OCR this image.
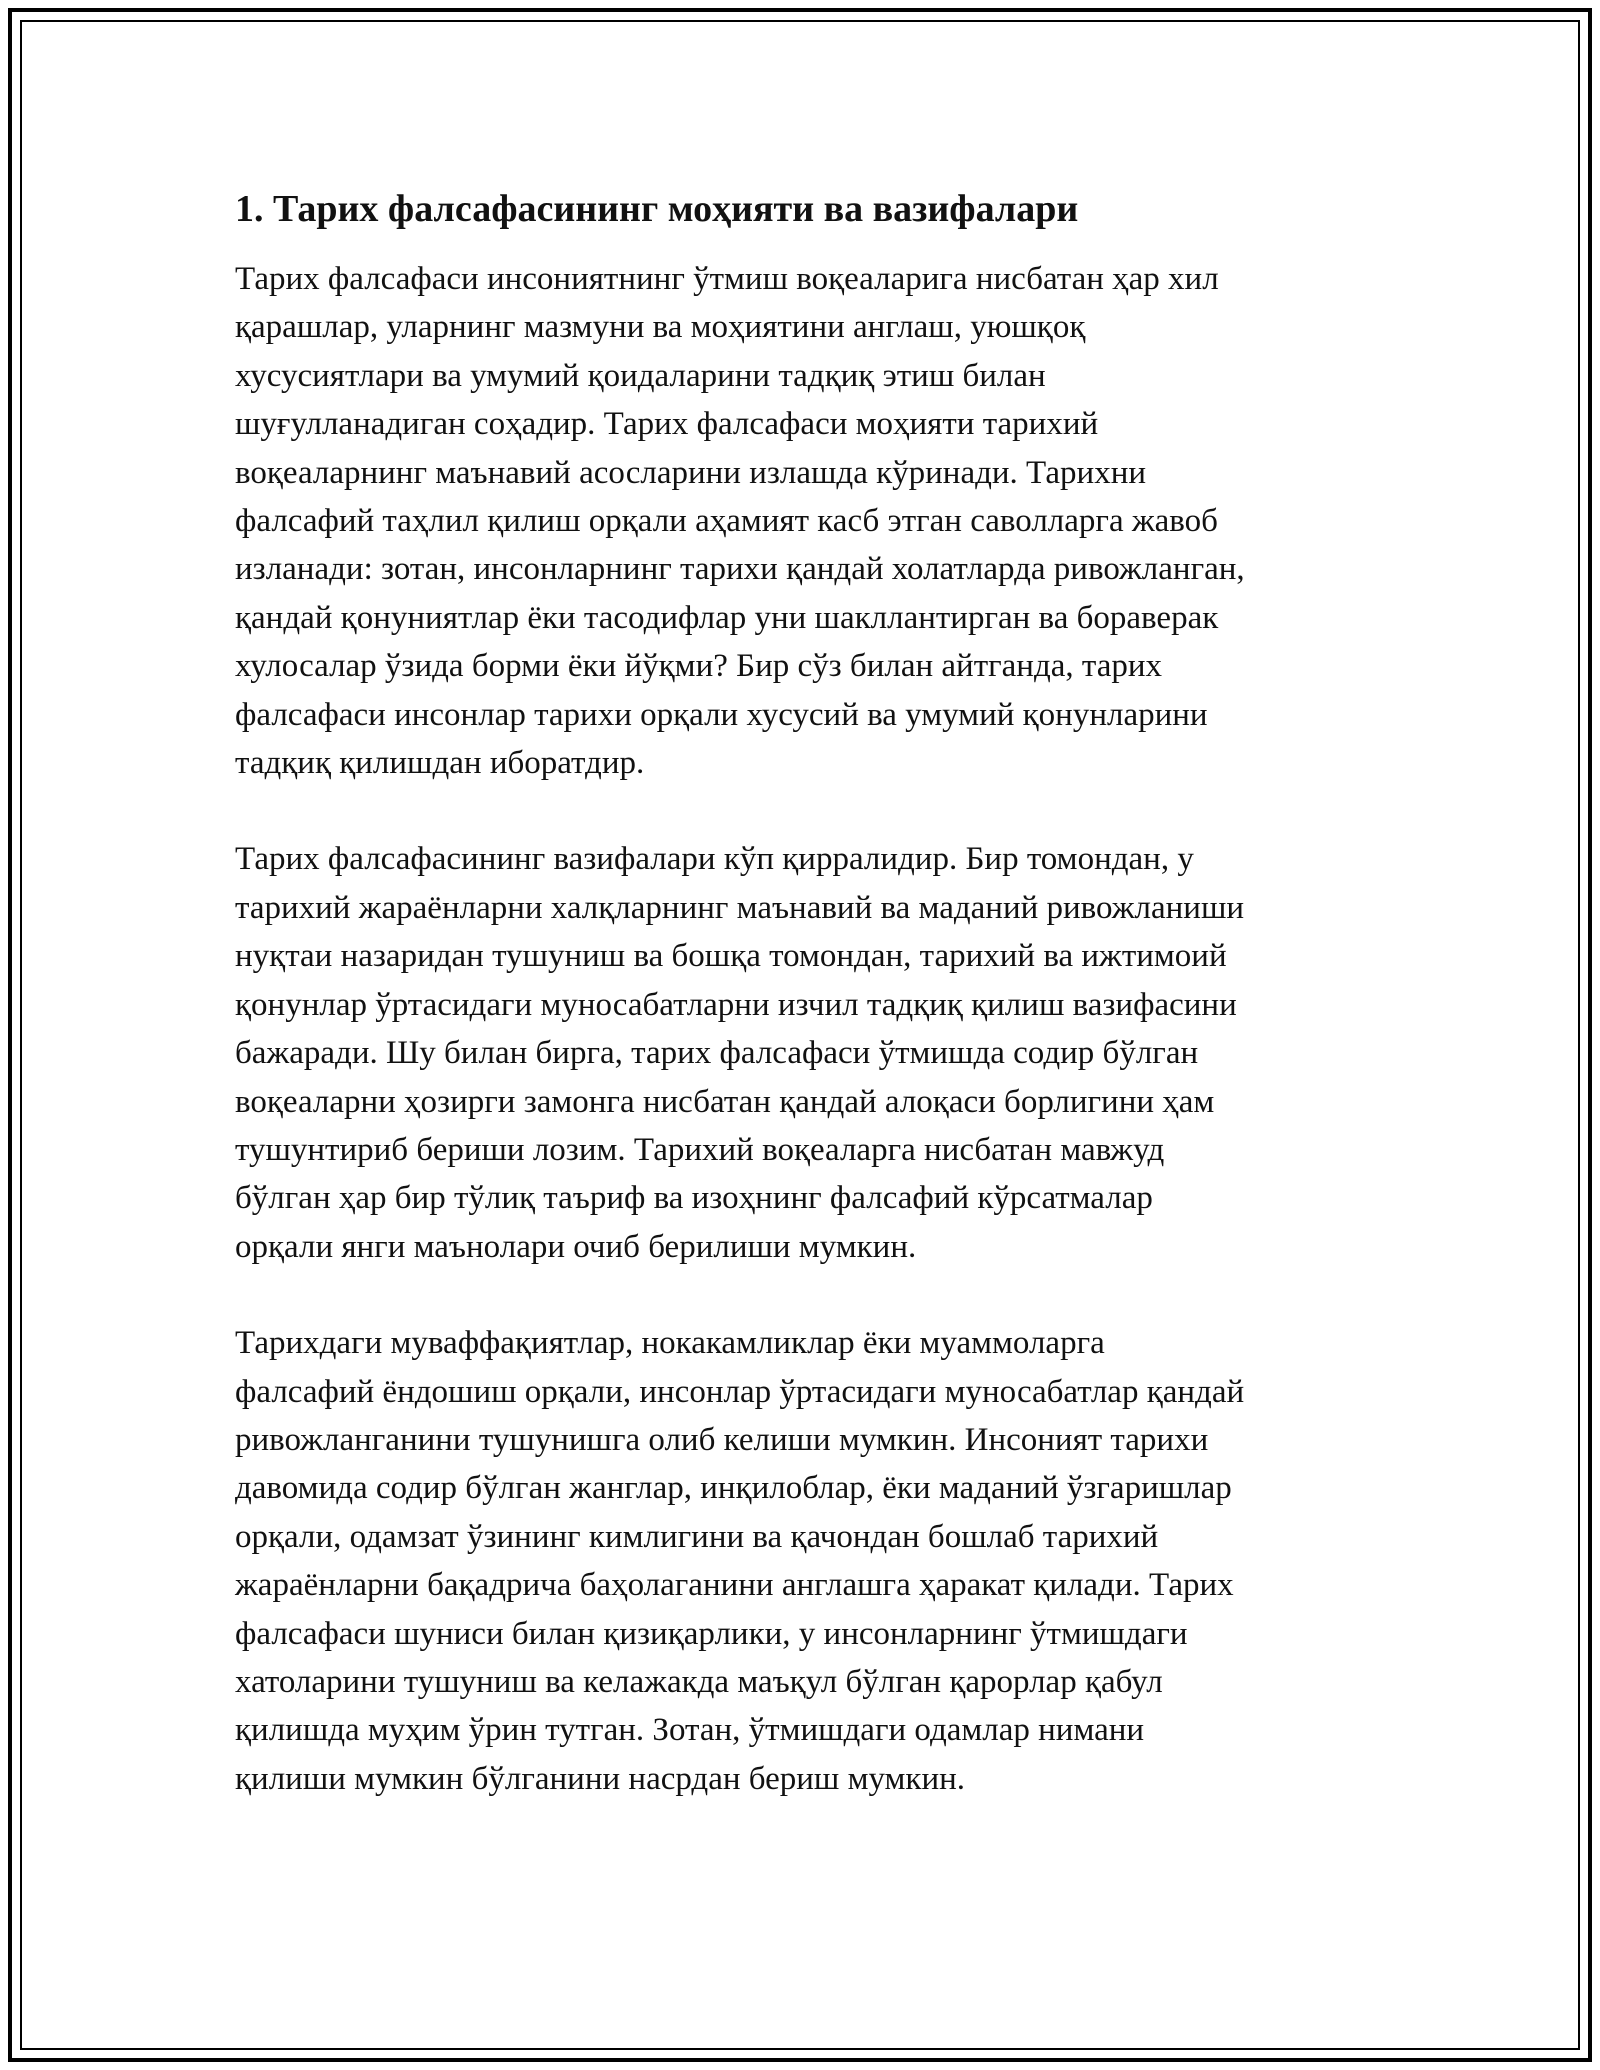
1. Тарих фалсафасининг моҳияти ва вазифалари
Тарих фалсафаси инсониятнинг ўтмиш воқеаларига нисбатан ҳар хил
қарашлар, уларнинг мазмуни ва моҳиятини англаш, уюшқоқ
хусусиятлари ва умумий қоидаларини тадқиқ этиш билан
шуғулланадиган соҳадир. Тарих фалсафаси моҳияти тарихий
воқеаларнинг маънавий асосларини излашда кўринади. Тарихни
фалсафий таҳлил қилиш орқали аҳамият касб этган саволларга жавоб
изланади: зотан, инсонларнинг тарихи қандай холатларда ривожланган,
қандай қонуниятлар ёки тасодифлар уни шакллантирган ва бораверак
хулосалар ўзида борми ёки йўқми? Бир сўз билан айтганда, тарих
фалсафаси инсонлар тарихи орқали хусусий ва умумий қонунларини
тадқиқ қилишдан иборатдир.
Тарих фалсафасининг вазифалари кўп қирралидир. Бир томондан, у
тарихий жараёнларни халқларнинг маънавий ва маданий ривожланиши
нуқтаи назаридан тушуниш ва бошқа томондан, тарихий ва ижтимоий
қонунлар ўртасидаги муносабатларни изчил тадқиқ қилиш вазифасини
бажаради. Шу билан бирга, тарих фалсафаси ўтмишда содир бўлган
воқеаларни ҳозирги замонга нисбатан қандай алоқаси борлигини ҳам
тушунтириб бериши лозим. Тарихий воқеаларга нисбатан мавжуд
бўлган ҳар бир тўлиқ таъриф ва изоҳнинг фалсафий кўрсатмалар
орқали янги маънолари очиб берилиши мумкин.
Тарихдаги муваффақиятлар, нокакамликлар ёки муаммоларга
фалсафий ёндошиш орқали, инсонлар ўртасидаги муносабатлар қандай
ривожланганини тушунишга олиб келиши мумкин. Инсоният тарихи
давомида содир бўлган жанглар, инқилоблар, ёки маданий ўзгаришлар
орқали, одамзат ўзининг кимлигини ва қачондан бошлаб тарихий
жараёнларни бақадрича баҳолаганини англашга ҳаракат қилади. Тарих
фалсафаси шуниси билан қизиқарлики, у инсонларнинг ўтмишдаги
хатоларини тушуниш ва келажакда маъқул бўлган қарорлар қабул
қилишда муҳим ўрин тутган. Зотан, ўтмишдаги одамлар нимани
қилиши мумкин бўлганини насрдан бериш мумкин.
